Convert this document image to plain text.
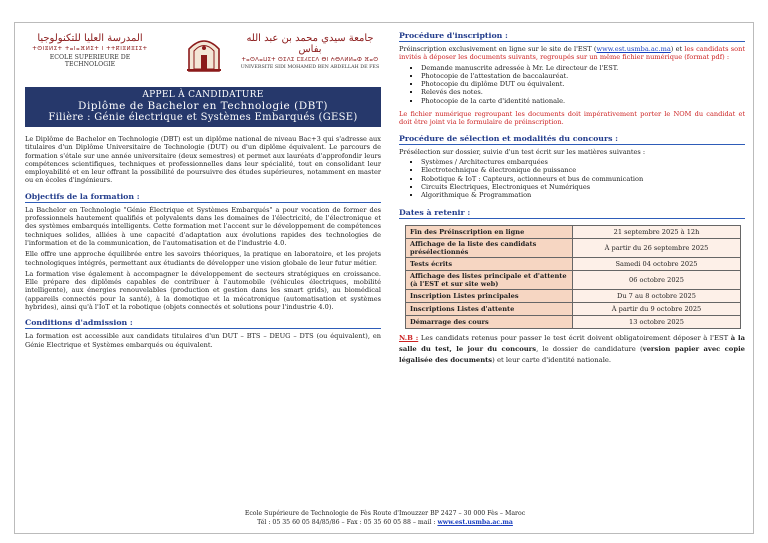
المدرسة العليا للتكنولوجيا
ⵜⵙⵏⵓⵍⵉⵜ ⵜⴰⵏⴰⴼⵍⵉⵜ ⵏ ⵜⵜⴽⵏⵓⵍⵓⵊⵉⵜ
ECOLE SUPERIEURE DE TECHNOLOGIE
جامعة سيدي محمد بن عبد الله بفاس
ⵜⴰⵙⴷⴰⵡⵉⵜ ⵙⵉⴷⵉ ⵎⵓⵃⵎⵎⴷ ⴱⵏ ⵄⴱⴷⵍⵍⴰⵀ ⴼⴰⵙ
UNIVERSITE SIDI MOHAMED BEN ABDELLAH DE FES
APPEL À CANDIDATURE
Diplôme de Bachelor en Technologie (DBT)
Filière : Génie électrique et Systèmes Embarqués (GESE)

Le Diplôme de Bachelor en Technologie (DBT) est un diplôme national de niveau Bac+3 qui s'adresse aux titulaires d'un Diplôme Universitaire de Technologie (DUT) ou d'un diplôme équivalent. Le parcours de formation s'étale sur une année universitaire (deux semestres) et permet aux lauréats d'approfondir leurs compétences scientifiques, techniques et professionnelles dans leur spécialité, tout en consolidant leur employabilité et en leur offrant la possibilité de poursuivre des études supérieures, notamment en master ou en écoles d'ingénieurs.

Objectifs de la formation :

La Bachelor en Technologie "Génie Électrique et Systèmes Embarqués" a pour vocation de former des professionnels hautement qualifiés et polyvalents dans les domaines de l'électricité, de l'électronique et des systèmes embarqués intelligents. Cette formation met l'accent sur le développement de compétences techniques solides, alliées à une capacité d'adaptation aux évolutions rapides des technologies de l'information et de la communication, de l'automatisation et de l'industrie 4.0.

Elle offre une approche équilibrée entre les savoirs théoriques, la pratique en laboratoire, et les projets technologiques intégrés, permettant aux étudiants de développer une vision globale de leur futur métier.

La formation vise également à accompagner le développement de secteurs stratégiques en croissance. Elle prépare des diplômés capables de contribuer à l'automobile (véhicules électriques, mobilité intelligente), aux énergies renouvelables (production et gestion dans les smart grids), au biomédical (appareils connectés pour la santé), à la domotique et la mécatronique (automatisation et systèmes hybrides), ainsi qu'à l'IoT et la robotique (objets connectés et solutions pour l'industrie 4.0).

Conditions d'admission :

La formation est accessible aux candidats titulaires d'un DUT – BTS – DEUG – DTS (ou équivalent), en Génie Electrique et Systèmes embarqués ou équivalent.

Procédure d'inscription :

Préinscription exclusivement en ligne sur le site de l'EST (www.est.usmba.ac.ma) et les candidats sont invités à déposer les documents suivants, regroupés sur un même fichier numérique (format pdf) :

▪ Demande manuscrite adressée à Mr. Le directeur de l'EST.
▪ Photocopie de l'attestation de baccalauréat.
▪ Photocopie du diplôme DUT ou équivalent.
▪ Relevés des notes.
▪ Photocopie de la carte d'identité nationale.

Le fichier numérique regroupant les documents doit impérativement porter le NOM du candidat et doit être joint via le formulaire de préinscription.

Procédure de sélection et modalités du concours :

Présélection sur dossier, suivie d'un test écrit sur les matières suivantes :

▪ Systèmes / Architectures embarquées
▪ Electrotechnique & électronique de puissance
▪ Robotique & IoT : Capteurs, actionneurs et bus de communication
▪ Circuits Électriques, Electroniques et Numériques
▪ Algorithmique & Programmation
Dates à retenir :
Fin des Préinscription en ligne	21 septembre 2025 à 12h
Affichage de la liste des candidats présélectionnés	À partir du 26 septembre 2025
Tests écrits	Samedi 04 octobre 2025
Affichage des listes principale et d'attente (à l'EST et sur site web)	06 octobre 2025
Inscription Listes principales	Du 7 au 8 octobre 2025
Inscriptions Listes d'attente	À partir du 9 octobre 2025
Démarrage des cours	13 octobre 2025
N.B : Les candidats retenus pour passer le test écrit doivent obligatoirement déposer à l'EST à la salle du test, le jour du concours, le dossier de candidature (version papier avec copie légalisée des documents) et leur carte d'identité nationale.
Ecole Supérieure de Technologie de Fès Route d'Imouzzer BP 2427 – 30 000 Fès – Maroc
Tél : 05 35 60 05 84/85/86 – Fax : 05 35 60 05 88 – mail : www.est.usmba.ac.ma
